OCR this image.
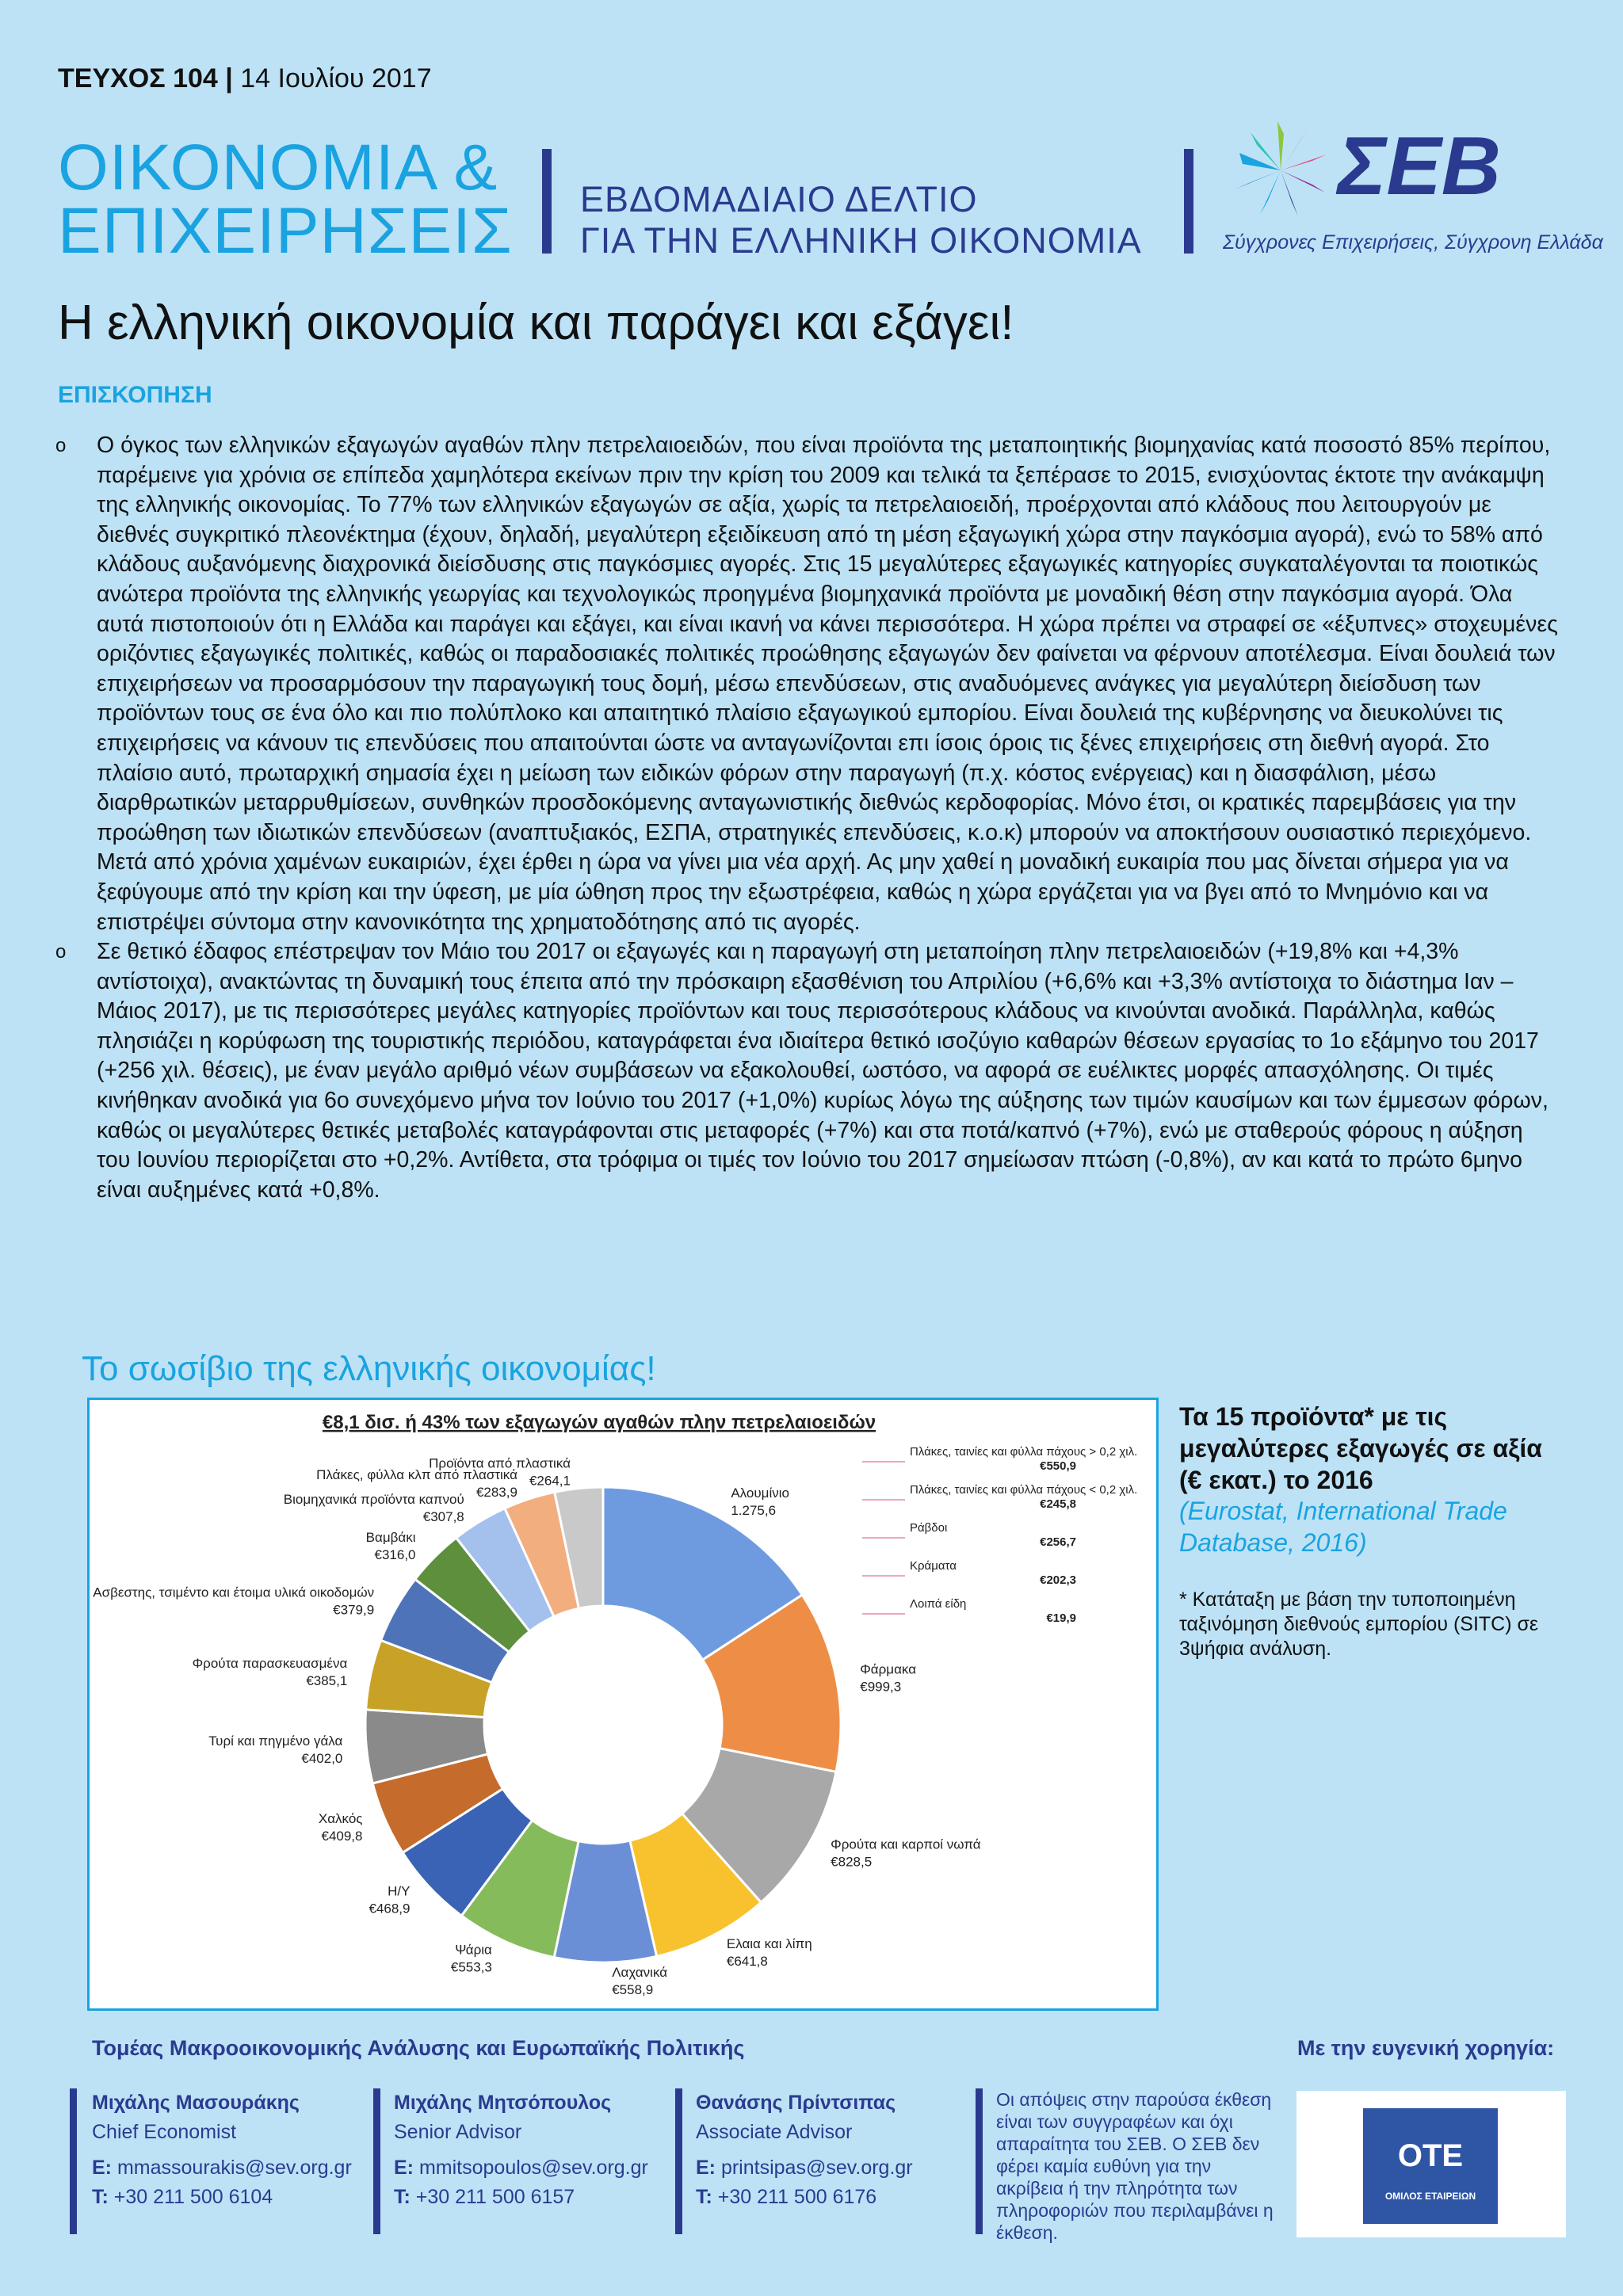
ΤΕΥΧΟΣ 104 | 14 Ιουλίου 2017
ΟΙΚΟΝΟΜΙΑ &
ΕΠΙΧΕΙΡΗΣΕΙΣ ΕΒΔΟΜΑΔΙΑΙΟ ΔΕΛΤΙΟ
ΓΙΑ ΤΗΝ ΕΛΛΗΝΙΚΗ ΟΙΚΟΝΟΜΙΑ
ΣΕΒ
Σύγχρονες Επιχειρήσεις, Σύγχρονη Ελλάδα
Η ελληνική οικονομία και παράγει και εξάγει!
ΕΠΙΣΚΟΠΗΣΗ

o Ο όγκος των ελληνικών εξαγωγών αγαθών πλην πετρελαιοειδών, που είναι προϊόντα της μεταποιητικής βιομηχανίας κατά ποσοστό 85% περίπου, παρέμεινε για χρόνια σε επίπεδα χαμηλότερα εκείνων πριν την κρίση του 2009 και τελικά τα ξεπέρασε το 2015, ενισχύοντας έκτοτε την ανάκαμψη της ελληνικής οικονομίας. Το 77% των ελληνικών εξαγωγών σε αξία, χωρίς τα πετρελαιοειδή, προέρχονται από κλάδους που λειτουργούν με διεθνές συγκριτικό πλεονέκτημα (έχουν, δηλαδή, μεγαλύτερη εξειδίκευση από τη μέση εξαγωγική χώρα στην παγκόσμια αγορά), ενώ το 58% από κλάδους αυξανόμενης διαχρονικά διείσδυσης στις παγκόσμιες αγορές. Στις 15 μεγαλύτερες εξαγωγικές κατηγορίες συγκαταλέγονται τα ποιοτικώς ανώτερα προϊόντα της ελληνικής γεωργίας και τεχνολογικώς προηγμένα βιομηχανικά προϊόντα με μοναδική θέση στην παγκόσμια αγορά. Όλα αυτά πιστοποιούν ότι η Ελλάδα και παράγει και εξάγει, και είναι ικανή να κάνει περισσότερα. Η χώρα πρέπει να στραφεί σε «έξυπνες» στοχευμένες οριζόντιες εξαγωγικές πολιτικές, καθώς οι παραδοσιακές πολιτικές προώθησης εξαγωγών δεν φαίνεται να φέρνουν αποτέλεσμα. Είναι δουλειά των επιχειρήσεων να προσαρμόσουν την παραγωγική τους δομή, μέσω επενδύσεων, στις αναδυόμενες ανάγκες για μεγαλύτερη διείσδυση των προϊόντων τους σε ένα όλο και πιο πολύπλοκο και απαιτητικό πλαίσιο εξαγωγικού εμπορίου. Είναι δουλειά της κυβέρνησης να διευκολύνει τις επιχειρήσεις να κάνουν τις επενδύσεις που απαιτούνται ώστε να ανταγωνίζονται επι ίσοις όροις τις ξένες επιχειρήσεις στη διεθνή αγορά. Στο πλαίσιο αυτό, πρωταρχική σημασία έχει η μείωση των ειδικών φόρων στην παραγωγή (π.χ. κόστος ενέργειας) και η διασφάλιση, μέσω διαρθρωτικών μεταρρυθμίσεων, συνθηκών προσδοκόμενης ανταγωνιστικής διεθνώς κερδοφορίας. Μόνο έτσι, οι κρατικές παρεμβάσεις για την προώθηση των ιδιωτικών επενδύσεων (αναπτυξιακός, ΕΣΠΑ, στρατηγικές επενδύσεις, κ.ο.κ) μπορούν να αποκτήσουν ουσιαστικό περιεχόμενο. Μετά από χρόνια χαμένων ευκαιριών, έχει έρθει η ώρα να γίνει μια νέα αρχή. Ας μην χαθεί η μοναδική ευκαιρία που μας δίνεται σήμερα για να ξεφύγουμε από την κρίση και την ύφεση, με μία ώθηση προς την εξωστρέφεια, καθώς η χώρα εργάζεται για να βγει από το Μνημόνιο και να επιστρέψει σύντομα στην κανονικότητα της χρηματοδότησης από τις αγορές.

o Σε θετικό έδαφος επέστρεψαν τον Μάιο του 2017 οι εξαγωγές και η παραγωγή στη μεταποίηση πλην πετρελαιοειδών (+19,8% και +4,3% αντίστοιχα), ανακτώντας τη δυναμική τους έπειτα από την πρόσκαιρη εξασθένιση του Απριλίου (+6,6% και +3,3% αντίστοιχα το διάστημα Ιαν – Μάιος 2017), με τις περισσότερες μεγάλες κατηγορίες προϊόντων και τους περισσότερους κλάδους να κινούνται ανοδικά. Παράλληλα, καθώς πλησιάζει η κορύφωση της τουριστικής περιόδου, καταγράφεται ένα ιδιαίτερα θετικό ισοζύγιο καθαρών θέσεων εργασίας το 1ο εξάμηνο του 2017 (+256 χιλ. θέσεις), με έναν μεγάλο αριθμό νέων συμβάσεων να εξακολουθεί, ωστόσο, να αφορά σε ευέλικτες μορφές απασχόλησης. Οι τιμές κινήθηκαν ανοδικά για 6ο συνεχόμενο μήνα τον Ιούνιο του 2017 (+1,0%) κυρίως λόγω της αύξησης των τιμών καυσίμων και των έμμεσων φόρων, καθώς οι μεγαλύτερες θετικές μεταβολές καταγράφονται στις μεταφορές (+7%) και στα ποτά/καπνό (+7%), ενώ με σταθερούς φόρους η αύξηση του Ιουνίου περιορίζεται στο +0,2%. Αντίθετα, στα τρόφιμα οι τιμές τον Ιούνιο του 2017 σημείωσαν πτώση (-0,8%), αν και κατά το πρώτο 6μηνο είναι αυξημένες κατά +0,8%.

Το σωσίβιο της ελληνικής οικονομίας!
€8,1 δισ. ή 43% των εξαγωγών αγαθών πλην πετρελαιοειδών
Αλουμίνιο
1.275,6
Φάρμακα
€999,3
Φρούτα και καρποί νωπά
€828,5
Ελαια και λίπη
€641,8
Λαχανικά
€558,9
Ψάρια
€553,3
Η/Υ
€468,9
Χαλκός
€409,8
Τυρί και πηγμένο γάλα
€402,0
Φρούτα παρασκευασμένα
€385,1
Ασβεστης, τσιμέντο και έτοιμα υλικά οικοδομών
€379,9
Βαμβάκι
€316,0
Βιομηχανικά προϊόντα καπνού
€307,8
Πλάκες, φύλλα κλπ από πλαστικά
€283,9
Προϊόντα από πλαστικά
€264,1
Πλάκες, ταινίες και φύλλα πάχους > 0,2 χιλ.
€550,9
Πλάκες, ταινίες και φύλλα πάχους < 0,2 χιλ.
€245,8
Ράβδοι
€256,7
Κράματα
€202,3
Λοιπά είδη
€19,9
Τα 15 προϊόντα* με τις μεγαλύτερες εξαγωγές σε αξία (€ εκατ.) το 2016
(Eurostat, International Trade Database, 2016)
* Κατάταξη με βάση την τυποποιημένη ταξινόμηση διεθνούς εμπορίου (SITC) σε 3ψήφια ανάλυση.
Τομέας Μακροοικονομικής Ανάλυσης και Ευρωπαϊκής Πολιτικής	Με την ευγενική χορηγία:
Μιχάλης Μασουράκης
Chief Economist
E: mmassourakis@sev.org.gr
T: +30 211 500 6104
Μιχάλης Μητσόπουλος
Senior Advisor
E: mmitsopoulos@sev.org.gr
T: +30 211 500 6157
Θανάσης Πρίντσιπας
Associate Advisor
E: printsipas@sev.org.gr
T: +30 211 500 6176
Οι απόψεις στην παρούσα έκθεση είναι των συγγραφέων και όχι απαραίτητα του ΣΕΒ. Ο ΣΕΒ δεν φέρει καμία ευθύνη για την ακρίβεια ή την πληρότητα των πληροφοριών που περιλαμβάνει η έκθεση.
ΟΤΕ
ΟΜΙΛΟΣ ΕΤΑΙΡΕΙΩΝ
